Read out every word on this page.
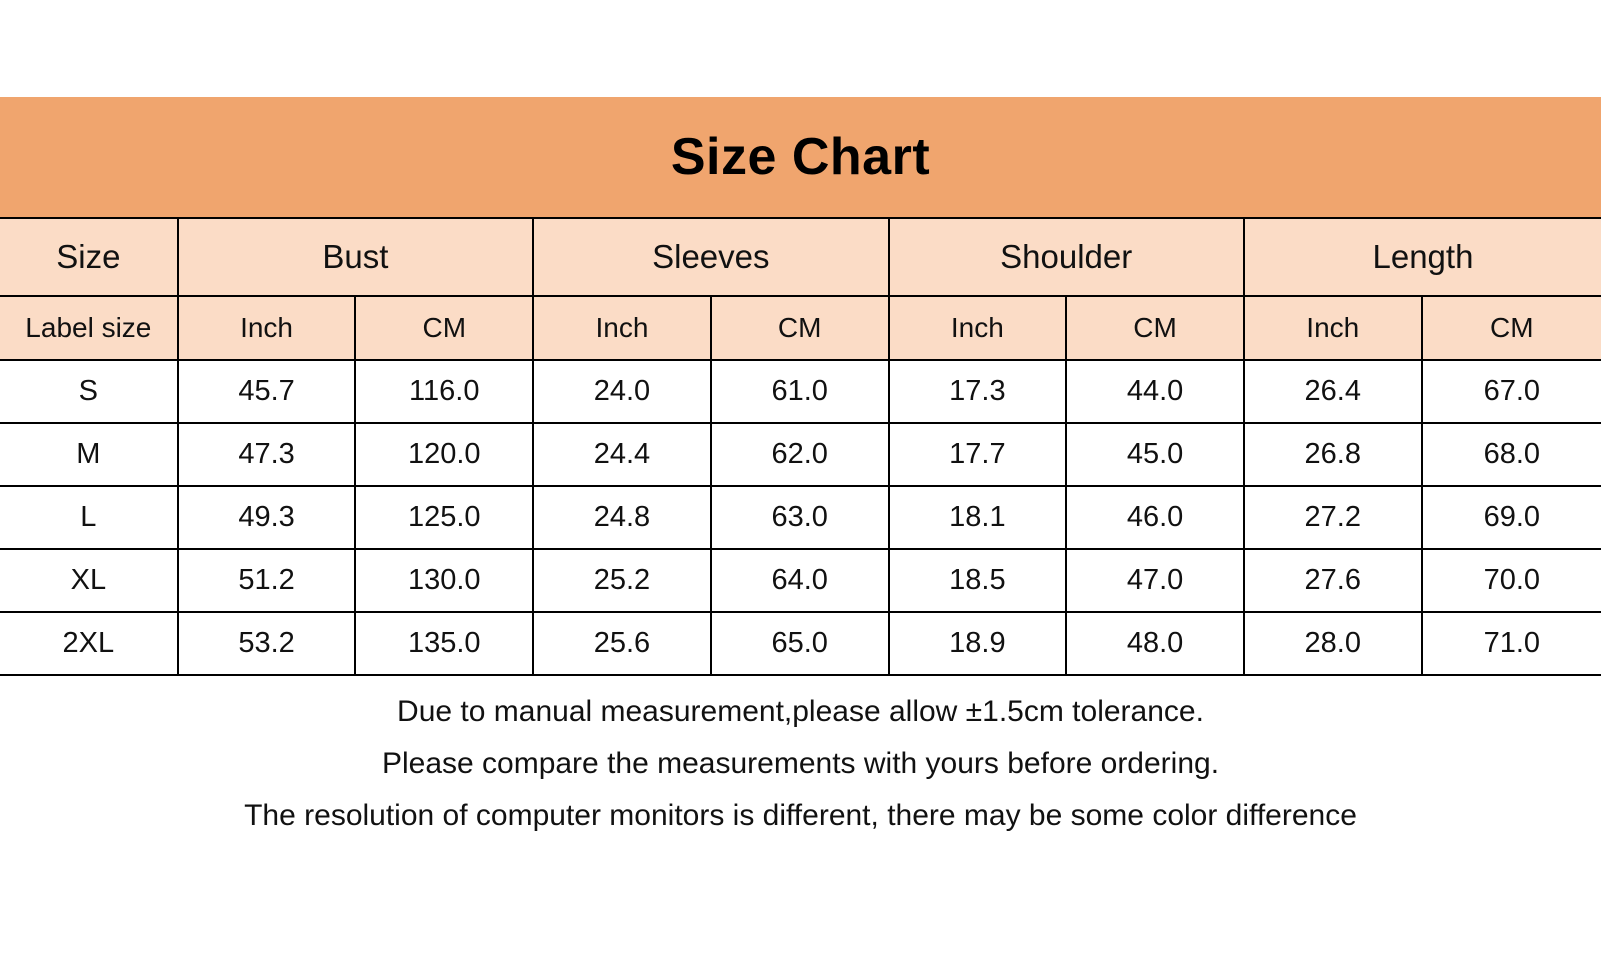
Size Chart
Size	Bust		Sleeves		Shoulder		Length	
Label size	Inch	CM	Inch	CM	Inch	CM	Inch	CM
S	45.7	116.0	24.0	61.0	17.3	44.0	26.4	67.0
M	47.3	120.0	24.4	62.0	17.7	45.0	26.8	68.0
L	49.3	125.0	24.8	63.0	18.1	46.0	27.2	69.0
XL	51.2	130.0	25.2	64.0	18.5	47.0	27.6	70.0
2XL	53.2	135.0	25.6	65.0	18.9	48.0	28.0	71.0

Due to manual measurement,please allow ±1.5cm tolerance.

Please compare the measurements with yours before ordering.

The resolution of computer monitors is different, there may be some color difference
